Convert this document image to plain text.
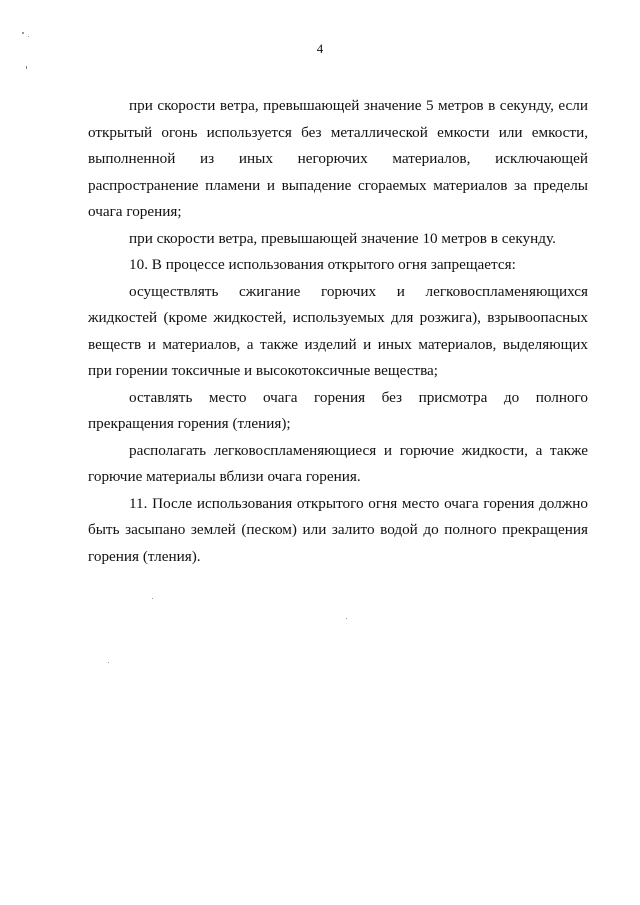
4

при скорости ветра, превышающей значение 5 метров в секунду, если открытый огонь используется без металлической емкости или емкости, выполненной из иных негорючих материалов, исключающей распространение пламени и выпадение сгораемых материалов за пределы очага горения;

при скорости ветра, превышающей значение 10 метров в секунду.

10. В процессе использования открытого огня запрещается:

осуществлять сжигание горючих и легковоспламеняющихся жидкостей (кроме жидкостей, используемых для розжига), взрывоопасных веществ и материалов, а также изделий и иных материалов, выделяющих при горении токсичные и высокотоксичные вещества;

оставлять место очага горения без присмотра до полного прекращения горения (тления);

располагать легковоспламеняющиеся и горючие жидкости, а также горючие материалы вблизи очага горения.

11. После использования открытого огня место очага горения должно быть засыпано землей (песком) или залито водой до полного прекращения горения (тления).
